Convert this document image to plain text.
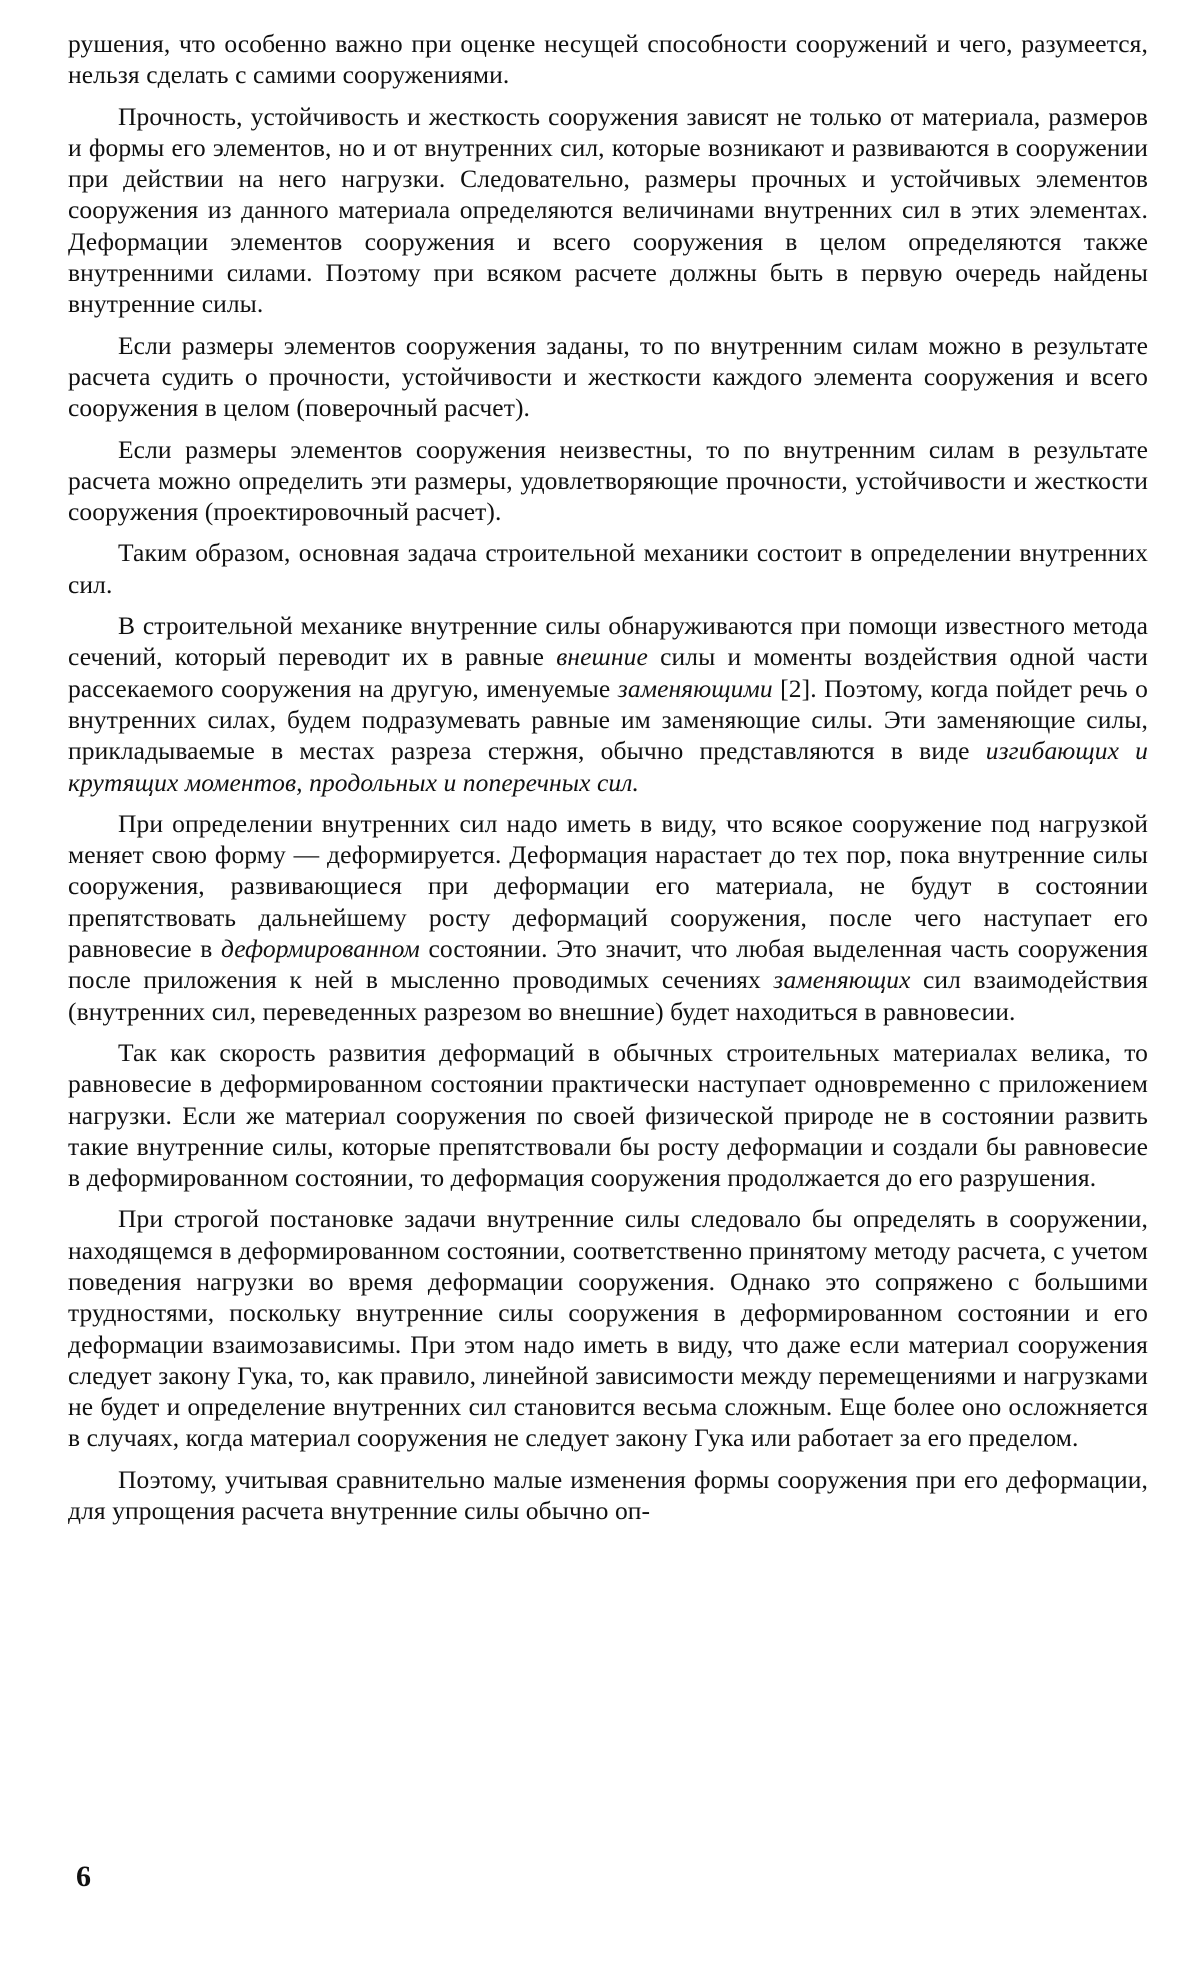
рушения, что особенно важно при оценке несущей способности сооружений и чего, разумеется, нельзя сделать с самими сооружениями.

Прочность, устойчивость и жесткость сооружения зависят не только от материала, размеров и формы его элементов, но и от внутренних сил, которые возникают и развиваются в сооружении при действии на него нагрузки. Следовательно, размеры прочных и устойчивых элементов сооружения из данного материала определяются величинами внутренних сил в этих элементах. Деформации элементов сооружения и всего сооружения в целом определяются также внутренними силами. Поэтому при всяком расчете должны быть в первую очередь найдены внутренние силы.

Если размеры элементов сооружения заданы, то по внутренним силам можно в результате расчета судить о прочности, устойчивости и жесткости каждого элемента сооружения и всего сооружения в целом (поверочный расчет).

Если размеры элементов сооружения неизвестны, то по внутренним силам в результате расчета можно определить эти размеры, удовлетворяющие прочности, устойчивости и жесткости сооружения (проектировочный расчет).

Таким образом, основная задача строительной механики состоит в определении внутренних сил.

В строительной механике внутренние силы обнаруживаются при помощи известного метода сечений, который переводит их в равные внешние силы и моменты воздействия одной части рассекаемого сооружения на другую, именуемые заменяющими [2]. Поэтому, когда пойдет речь о внутренних силах, будем подразумевать равные им заменяющие силы. Эти заменяющие силы, прикладываемые в местах разреза стержня, обычно представляются в виде изгибающих и крутящих моментов, продольных и поперечных сил.

При определении внутренних сил надо иметь в виду, что всякое сооружение под нагрузкой меняет свою форму — деформируется. Деформация нарастает до тех пор, пока внутренние силы сооружения, развивающиеся при деформации его материала, не будут в состоянии препятствовать дальнейшему росту деформаций сооружения, после чего наступает его равновесие в деформированном состоянии. Это значит, что любая выделенная часть сооружения после приложения к ней в мысленно проводимых сечениях заменяющих сил взаимодействия (внутренних сил, переведенных разрезом во внешние) будет находиться в равновесии.

Так как скорость развития деформаций в обычных строительных материалах велика, то равновесие в деформированном состоянии практически наступает одновременно с приложением нагрузки. Если же материал сооружения по своей физической природе не в состоянии развить такие внутренние силы, которые препятствовали бы росту деформации и создали бы равновесие в деформированном состоянии, то деформация сооружения продолжается до его разрушения.

При строгой постановке задачи внутренние силы следовало бы определять в сооружении, находящемся в деформированном состоянии, соответственно принятому методу расчета, с учетом поведения нагрузки во время деформации сооружения. Однако это сопряжено с большими трудностями, поскольку внутренние силы сооружения в деформированном состоянии и его деформации взаимозависимы. При этом надо иметь в виду, что даже если материал сооружения следует закону Гука, то, как правило, линейной зависимости между перемещениями и нагрузками не будет и определение внутренних сил становится весьма сложным. Еще более оно осложняется в случаях, когда материал сооружения не следует закону Гука или работает за его пределом.

Поэтому, учитывая сравнительно малые изменения формы сооружения при его деформации, для упрощения расчета внутренние силы обычно оп-

6
